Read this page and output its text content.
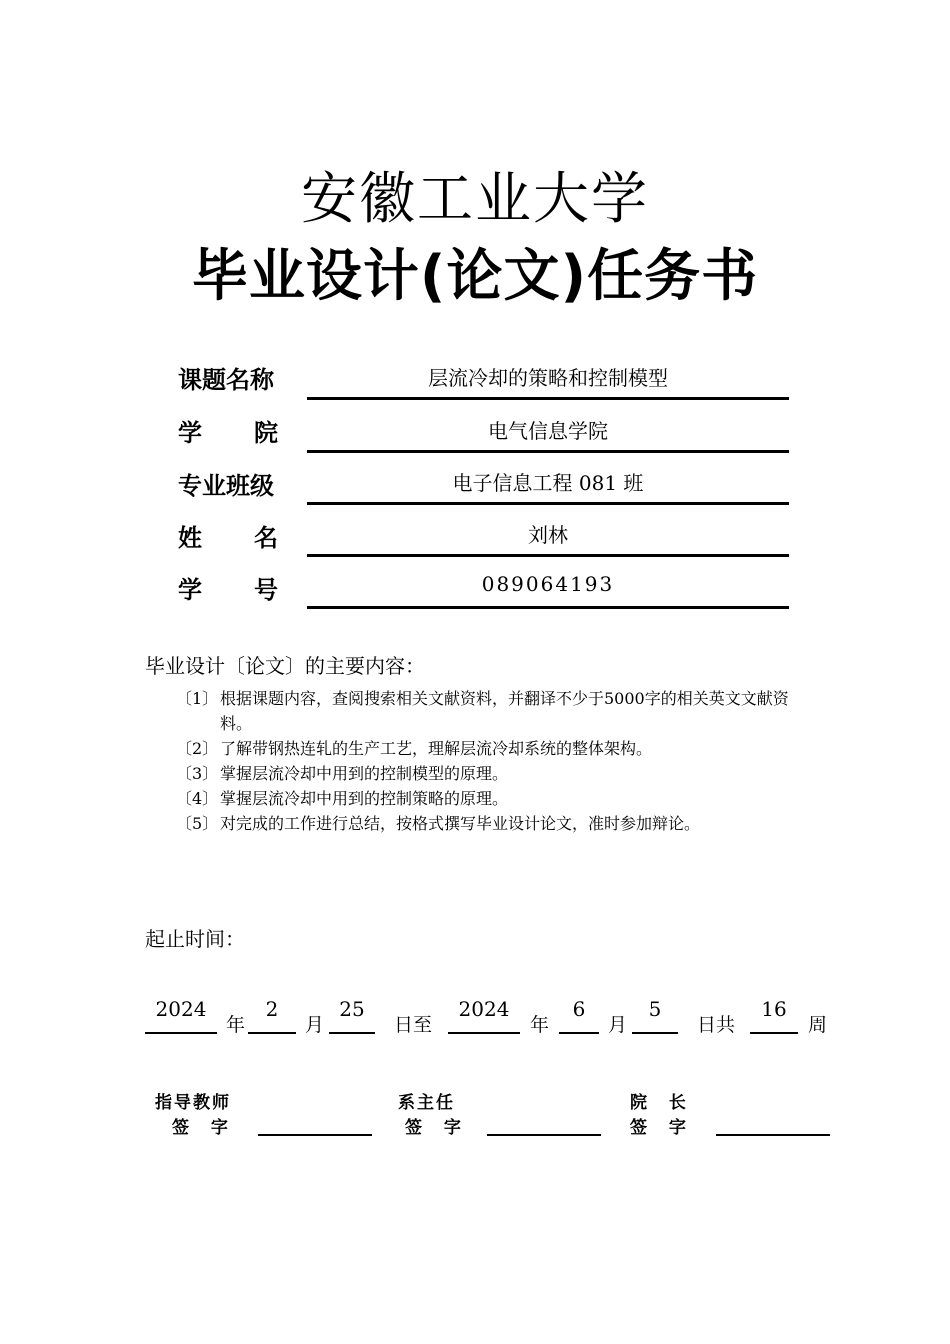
安徽工业大学
毕业设计(论文)任务书
课题名称	层流冷却的策略和控制模型
学 院	电气信息学院
专业班级	电子信息工程 081 班
姓 名	刘林
学 号	089064193
毕业设计〔论文〕的主要内容：
〔1〕 根据课题内容，查阅搜索相关文献资料，并翻译不少于5000字的相关英文文献资料。
〔2〕 了解带钢热连轧的生产工艺，理解层流冷却系统的整体架构。
〔3〕 掌握层流冷却中用到的控制模型的原理。
〔4〕 掌握层流冷却中用到的控制策略的原理。
〔5〕 对完成的工作进行总结，按格式撰写毕业设计论文，准时参加辩论。
起止时间：
2024
年
2
月
25
日至
2024
年
6
月
5
日共
16
周
指导教师
签 字
系主任
签 字
院 长
签 字
